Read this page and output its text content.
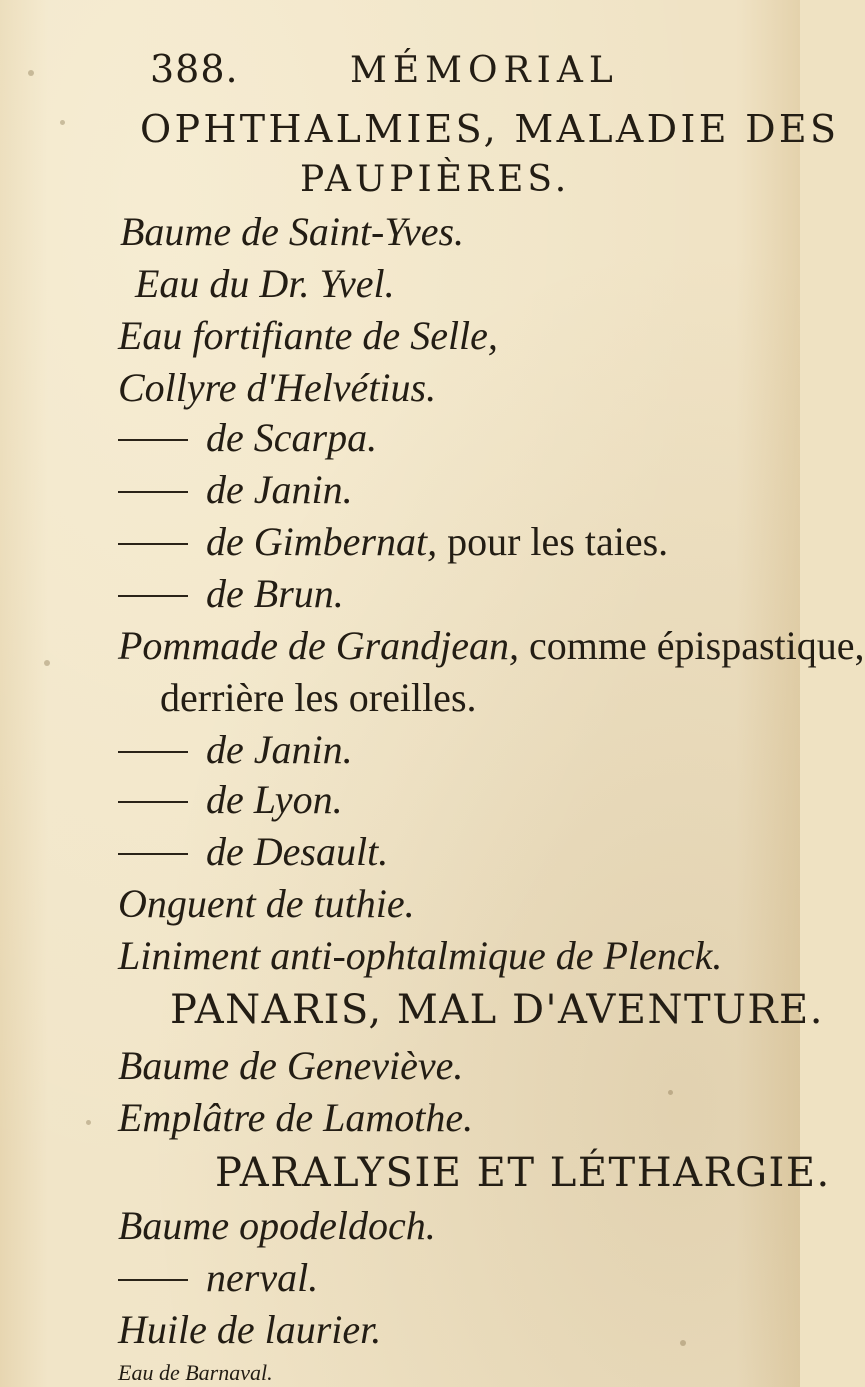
388.	MÉMORIAL
OPHTHALMIES, MALADIE DES
PAUPIÈRES.
Baume de Saint-Yves.
Eau du Dr. Yvel.
Eau fortifiante de Selle,
Collyre d'Helvétius.
de Scarpa.
de Janin.
de Gimbernat, pour les taies.
de Brun.
Pommade de Grandjean, comme épispastique,
derrière les oreilles.
de Janin.
de Lyon.
de Desault.
Onguent de tuthie.
Liniment anti-ophtalmique de Plenck.
PANARIS, MAL D'AVENTURE.
Baume de Geneviève.
Emplâtre de Lamothe.
PARALYSIE ET LÉTHARGIE.
Baume opodeldoch.
nerval.
Huile de laurier.
Eau de Barnaval.
